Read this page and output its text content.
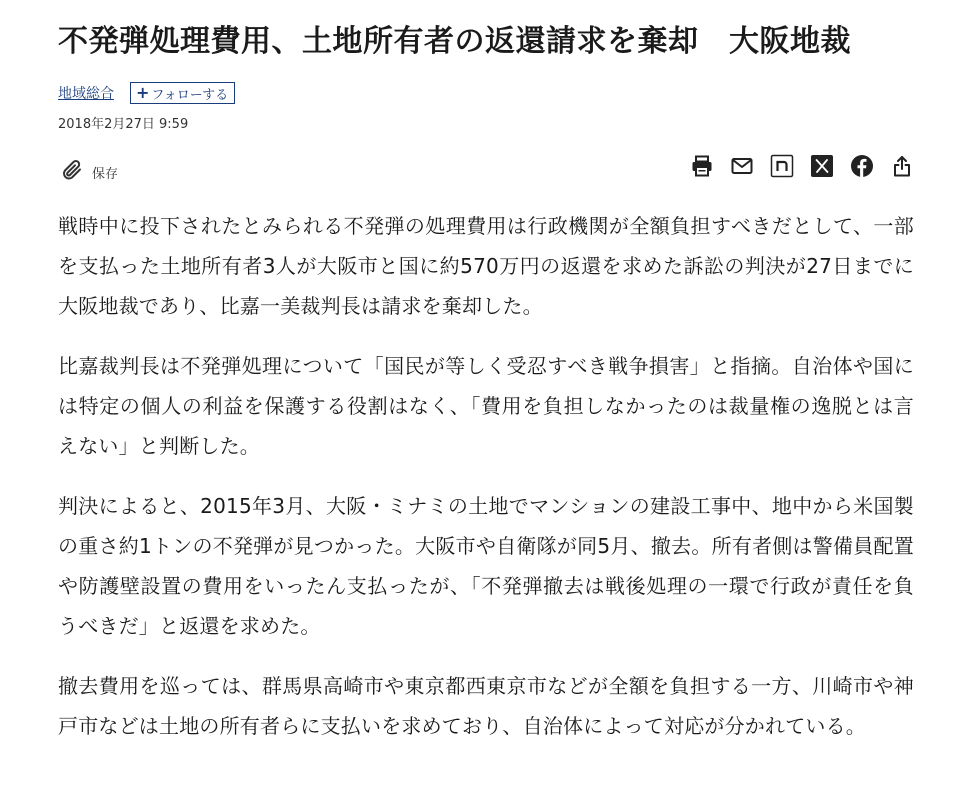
不発弾処理費用、土地所有者の返還請求を棄却　大阪地裁
地域総合 + フォローする
2018年2月27日 9:59
保存

戦時中に投下されたとみられる不発弾の処理費用は行政機関が全額負担すべきだとして、一部を支払った土地所有者3人が大阪市と国に約570万円の返還を求めた訴訟の判決が27日までに大阪地裁であり、比嘉一美裁判長は請求を棄却した。

比嘉裁判長は不発弾処理について「国民が等しく受忍すべき戦争損害」と指摘。自治体や国には特定の個人の利益を保護する役割はなく、「費用を負担しなかったのは裁量権の逸脱とは言えない」と判断した。

判決によると、2015年3月、大阪・ミナミの土地でマンションの建設工事中、地中から米国製の重さ約1トンの不発弾が見つかった。大阪市や自衛隊が同5月、撤去。所有者側は警備員配置や防護壁設置の費用をいったん支払ったが、「不発弾撤去は戦後処理の一環で行政が責任を負うべきだ」と返還を求めた。

撤去費用を巡っては、群馬県高崎市や東京都西東京市などが全額を負担する一方、川崎市や神戸市などは土地の所有者らに支払いを求めており、自治体によって対応が分かれている。
